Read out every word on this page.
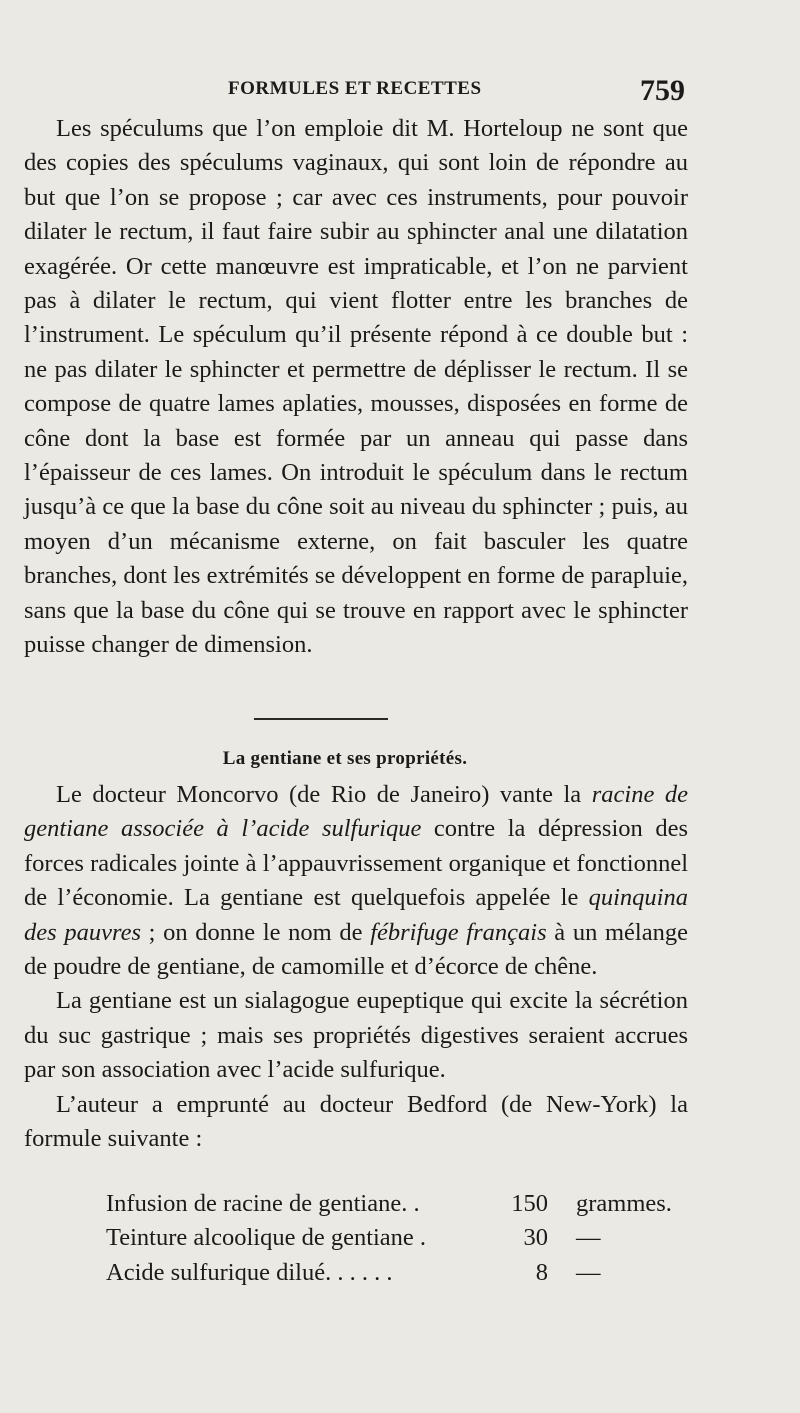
FORMULES ET RECETTES	759

Les spéculums que l’on emploie dit M. Horteloup ne sont que des copies des spéculums vaginaux, qui sont loin de répondre au but que l’on se propose ; car avec ces instruments, pour pouvoir dilater le rectum, il faut faire subir au sphincter anal une dilatation exagérée. Or cette manœuvre est impraticable, et l’on ne parvient pas à dilater le rectum, qui vient flotter entre les branches de l’instrument. Le spéculum qu’il présente répond à ce double but : ne pas dilater le sphincter et permettre de déplisser le rectum. Il se compose de quatre lames aplaties, mousses, disposées en forme de cône dont la base est formée par un anneau qui passe dans l’épaisseur de ces lames. On introduit le spéculum dans le rectum jusqu’à ce que la base du cône soit au niveau du sphincter ; puis, au moyen d’un mécanisme externe, on fait basculer les quatre branches, dont les extrémités se développent en forme de parapluie, sans que la base du cône qui se trouve en rapport avec le sphincter puisse changer de dimension.

La gentiane et ses propriétés.

Le docteur Moncorvo (de Rio de Janeiro) vante la racine de gentiane associée à l’acide sulfurique contre la dépression des forces radicales jointe à l’appauvrissement organique et fonctionnel de l’économie. La gentiane est quelquefois appelée le quinquina des pauvres ; on donne le nom de fébrifuge français à un mélange de poudre de gentiane, de camomille et d’écorce de chêne.

La gentiane est un sialagogue eupeptique qui excite la sécrétion du suc gastrique ; mais ses propriétés digestives seraient accrues par son association avec l’acide sulfurique.

L’auteur a emprunté au docteur Bedford (de New-York) la formule suivante :

Infusion de racine de gentiane. .	150 grammes.
Teinture alcoolique de gentiane .	30 —
Acide sulfurique dilué. . . . . .	8 —
